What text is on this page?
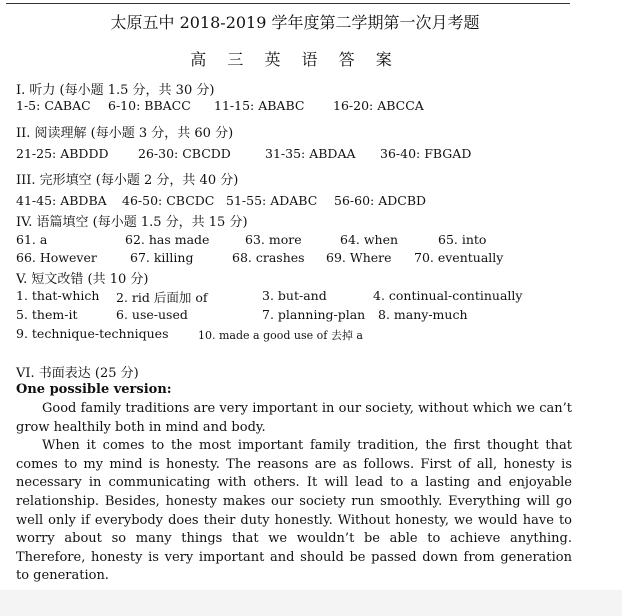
太原五中 2018-2019 学年度第二学期第一次月考题
高 三 英 语 答 案
I. 听力 (每小题 1.5 分，共 30 分)
1-5: CABAC 6-10: BBACC 11-15: ABABC 16-20: ABCCA
II. 阅读理解 (每小题 3 分，共 60 分)
21-25: ABDDD 26-30: CBCDD	31-35: ABDAA 36-40: FBGAD
III. 完形填空 (每小题 2 分，共 40 分)
41-45: ABDBA 46-50: CBCDC 51-55: ADABC 56-60: ADCBD
IV. 语篇填空 (每小题 1.5 分，共 15 分)
61. a	62. has made	63. more	64. when	65. into
66. However	67. killing	68. crashes 69. Where 70. eventually
V. 短文改错 (共 10 分)
1. that-which 2. rid 后面加 of	3. but-and	4. continual-continually
5. them-it	6. use-used	7. planning-plan 8. many-much
9. technique-techniques	10. made a good use of 去掉 a
VI. 书面表达 (25 分)
One possible version:

Good family traditions are very important in our society, without which we can’t grow healthily both in mind and body.

When it comes to the most important family tradition, the first thought that comes to my mind is honesty. The reasons are as follows. First of all, honesty is necessary in communicating with others. It will lead to a lasting and enjoyable relationship. Besides, honesty makes our society run smoothly. Everything will go well only if everybody does their duty honestly. Without honesty, we would have to worry about so many things that we wouldn’t be able to achieve anything. Therefore, honesty is very important and should be passed down from generation to generation.
